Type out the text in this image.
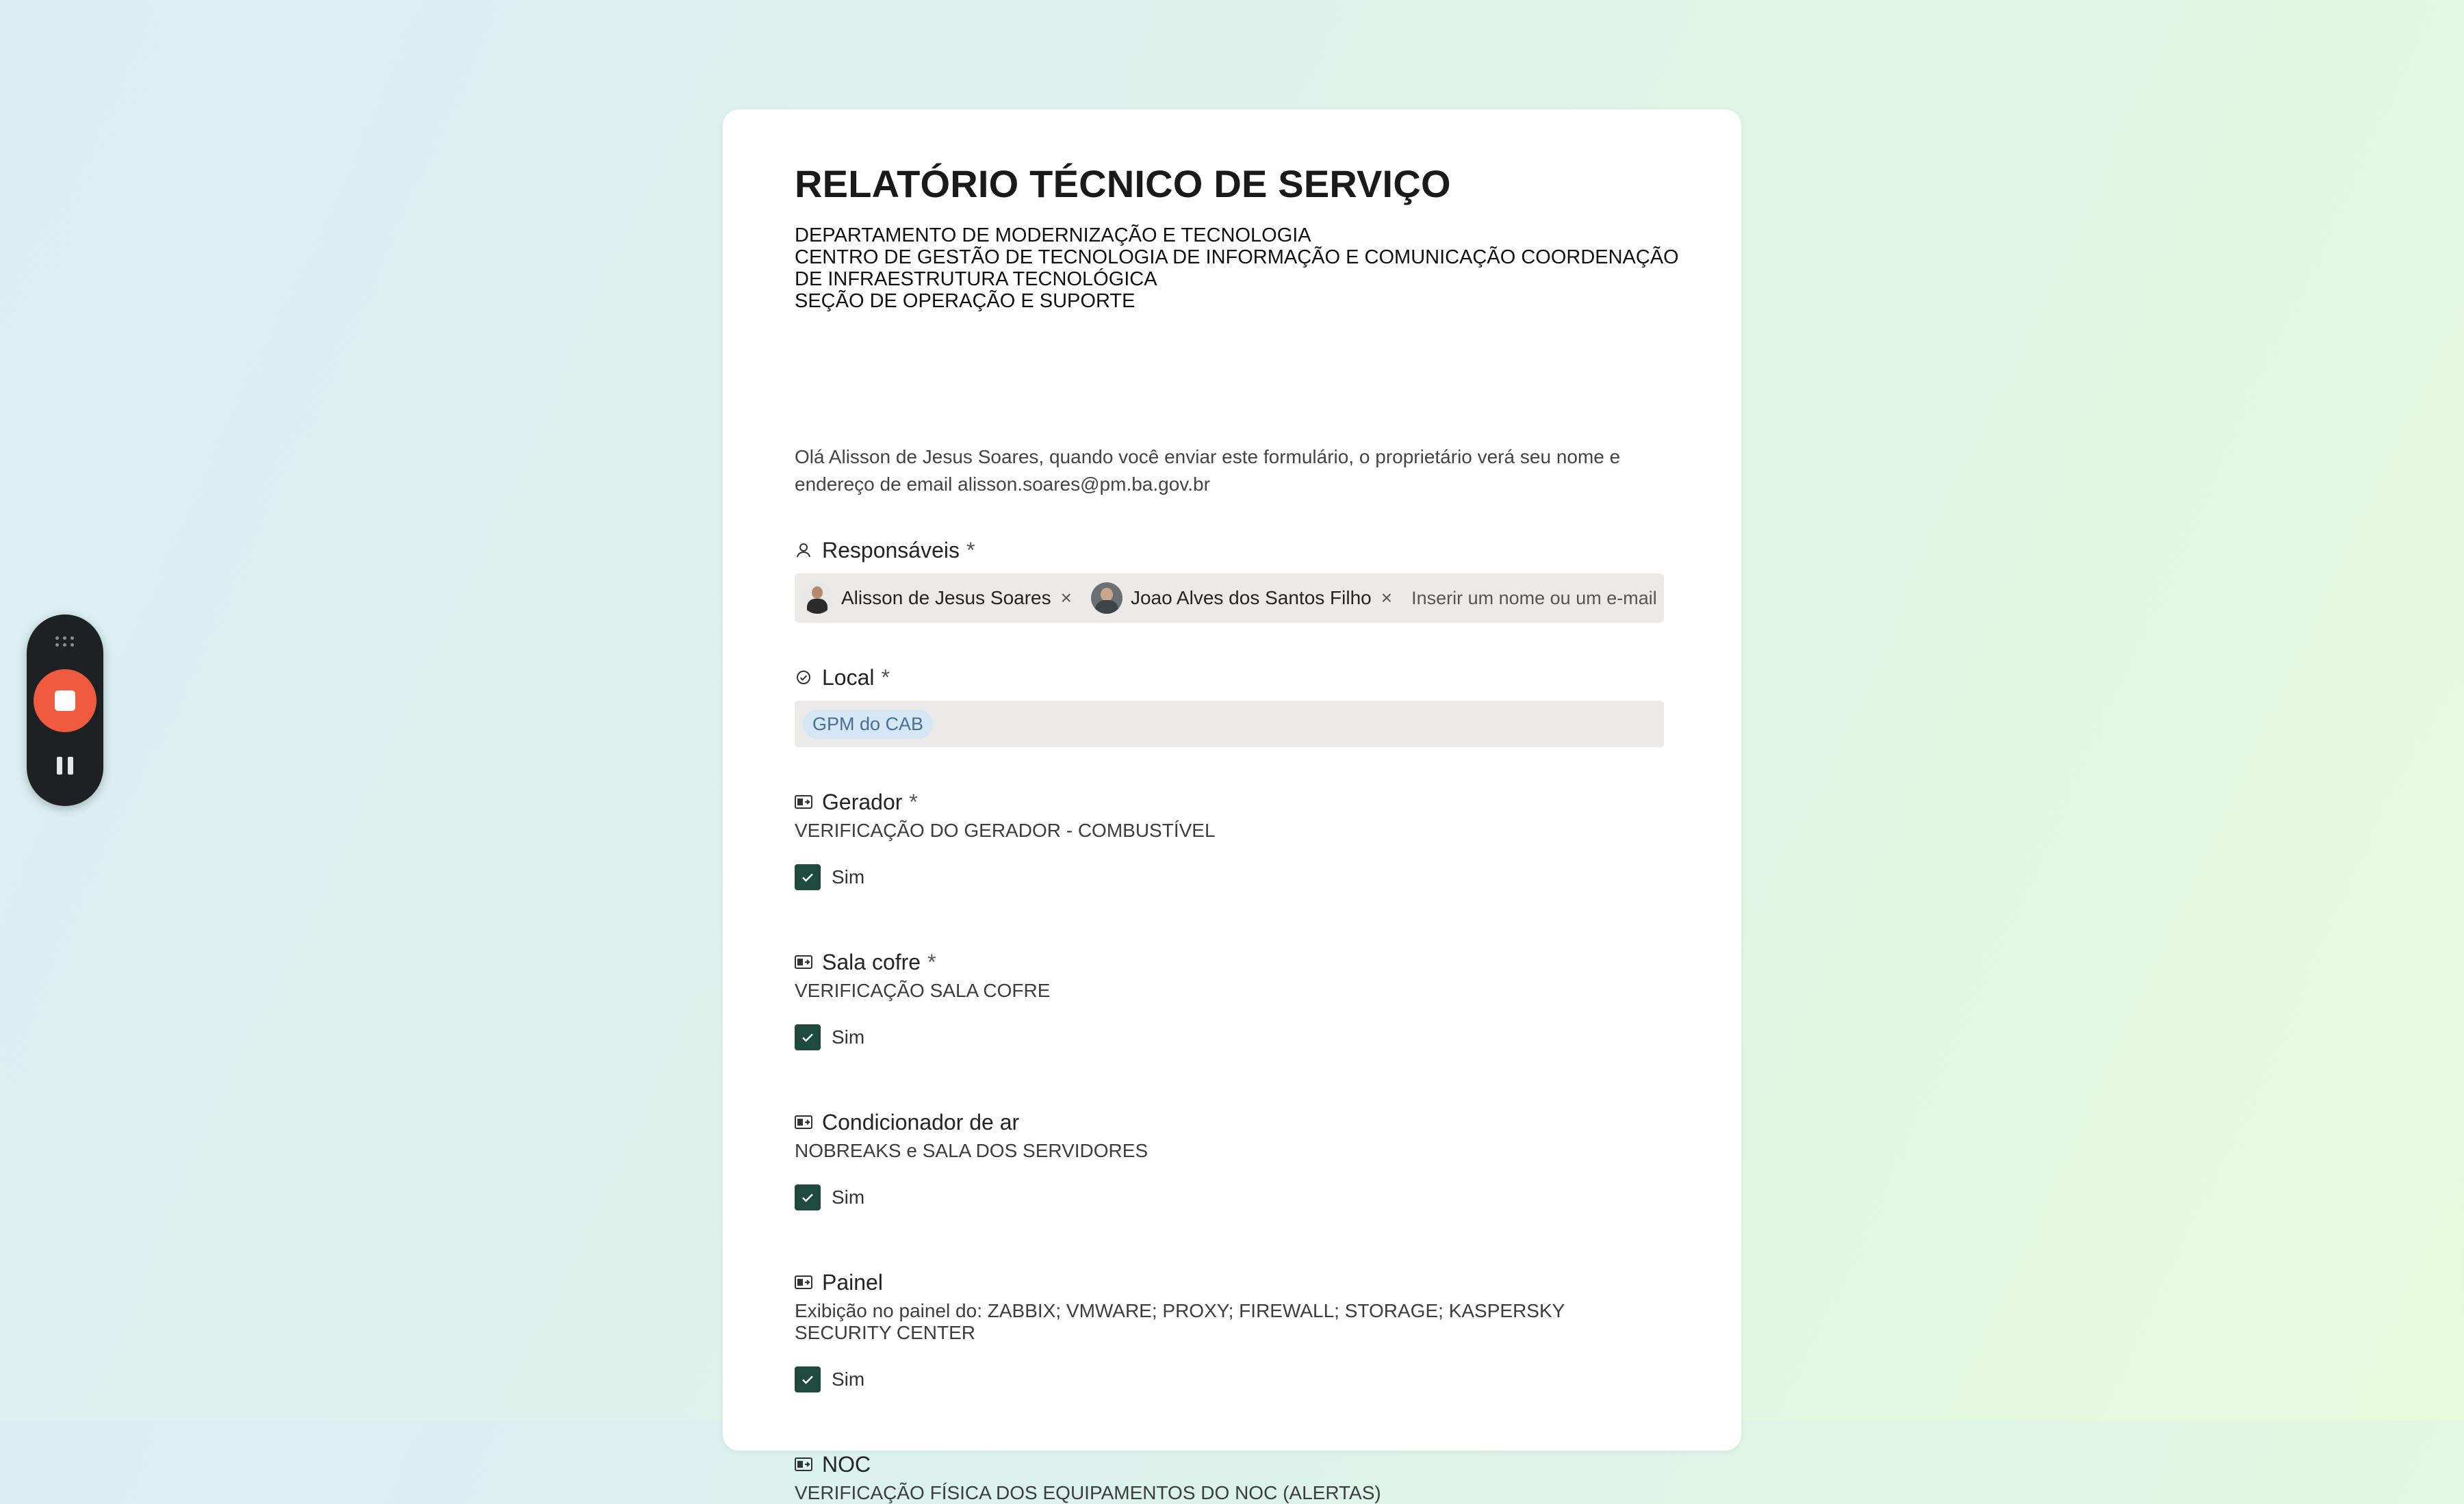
RELATÓRIO TÉCNICO DE SERVIÇO
DEPARTAMENTO DE MODERNIZAÇÃO E TECNOLOGIA
CENTRO DE GESTÃO DE TECNOLOGIA DE INFORMAÇÃO E COMUNICAÇÃO COORDENAÇÃO
DE INFRAESTRUTURA TECNOLÓGICA
SEÇÃO DE OPERAÇÃO E SUPORTE
Olá Alisson de Jesus Soares, quando você enviar este formulário, o proprietário verá seu nome e
endereço de email alisson.soares@pm.ba.gov.br
Responsáveis *
Alisson de Jesus Soares ×	Joao Alves dos Santos Filho × Inserir um nome ou um e-mail
Local *
GPM do CAB
Gerador *
VERIFICAÇÃO DO GERADOR - COMBUSTÍVEL
Sim
Sala cofre *
VERIFICAÇÃO SALA COFRE
Sim
Condicionador de ar
NOBREAKS e SALA DOS SERVIDORES
Sim
Painel
Exibição no painel do: ZABBIX; VMWARE; PROXY; FIREWALL; STORAGE; KASPERSKY
SECURITY CENTER
Sim
NOC
VERIFICAÇÃO FÍSICA DOS EQUIPAMENTOS DO NOC (ALERTAS)
